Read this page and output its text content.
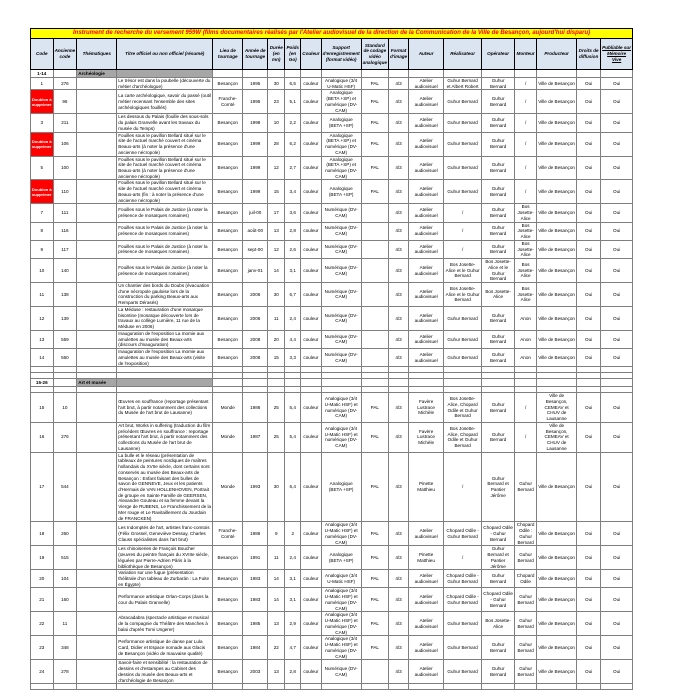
Instrument de recherche du versement 959W (films documentaires réalisés par l'Atelier audiovisuel de la direction de la Communication de la Ville de Besançon, aujourd'hui disparu)																		
Code	Ancienne code	Thématiques	Titre officiel ou non officiel (résumé)	Lieu de tournage	Année de tournage	Durée (en mn)	Poids (en Go)	Couleur	Support d'enregistrement (format vidéo)	Standard de codage vidéo analogique	Format d'image	Auteur	Réalisateur	Opérateur	Monteur	Producteur	Droits de diffusion	Publiable sur Mémoire Vive
1-14		Archéologie																
1	276		Le trésor est dans la poubelle (découverte du métier d'archéologue)	Besançon	1995	30	6,5	couleur	Analogique (3/4 U-Matic HSF)	PAL	4/3	Atelier audiovisuel	Guhur Bernard et Albert Robert	Guhur Bernard	/	Ville de Besançon	Oui	Oui
Doublon à supprimer	96		La carte archéologique, savoir du passé (outil métier recensant l'ensemble des sites archéologiques fouillés)	Franche-Comté	1995	23	5,1	couleur	Analogique (BETA +SP) et numérique (DV-CAM)	PAL	4/3	Atelier audiovisuel	Guhur Bernard	Guhur Bernard	/	Ville de Besançon	Oui	Oui
3	211		Les dessous du Palais (fouille des sous-sols du palais Granvelle avant les travaux du musée du Temps)	Besançon	1998	10	2,2	couleur	Analogique (BETA +SP)	PAL	4/3	Atelier audiovisuel	Guhur Bernard	Guhur Bernard	/	Ville de Besançon	Oui	Oui
Doublon à supprimer	106		Fouilles sous le pavillon Bellard situé sur le site de l'actuel marché couvert et cinéma Beaux-arts (à noter la présence d'une ancienne nécropole)	Besançon	1999	28	6,2	couleur	Analogique (BETA +SP) et numérique (DV-CAM)	PAL	4/3	Atelier audiovisuel	Guhur Bernard	Guhur Bernard	/	Ville de Besançon	Oui	Oui
5	100		Fouilles sous le pavillon Bellard situé sur le site de l'actuel marché couvert et cinéma Beaux-arts (à noter la présence d'une ancienne nécropole)	Besançon	1999	12	2,7	couleur	Analogique (BETA +SP) et numérique (DV-CAM)	PAL	4/3	Atelier audiovisuel	Guhur Bernard	Guhur Bernard	/	Ville de Besançon	Oui	Oui
Doublon à supprimer	110		Fouilles sous le pavillon Bellard situé sur le site de l'actuel marché couvert et cinéma Beaux-arts (fin : à noter la présence d'une ancienne nécropole)	Besançon	1999	15	3,4	couleur	Analogique (BETA +SP)	PAL	4/3	Atelier audiovisuel	Guhur Bernard	Guhur Bernard	/	Ville de Besançon	Oui	Oui
7	111		Fouilles sous le Palais de Justice (à noter la présence de mosaïques romaines)	Besançon	juil-00	17	3,6	couleur	Numérique (DV-CAM)		4/3	Atelier audiovisuel	/	Guhur Bernard	Bos Josette-Alice	Ville de Besançon	Oui	Oui
8	116		Fouilles sous le Palais de Justice (à noter la présence de mosaïques romaines)	Besançon	août-00	13	2,8	couleur	Numérique (DV-CAM)		4/3	Atelier audiovisuel	/	Guhur Bernard	Bos Josette-Alice	Ville de Besançon	Oui	Oui
9	117		Fouilles sous le Palais de Justice (à noter la présence de mosaïques romaines)	Besançon	sept-00	12	2,6	couleur	Numérique (DV-CAM)		4/3	Atelier audiovisuel	/	Guhur Bernard	Bos Josette-Alice	Ville de Besançon	Oui	Oui
10	140		Fouilles sous le Palais de Justice (à noter la présence de mosaïques romaines)	Besançon	janv-01	14	3,1	couleur	Numérique (DV-CAM)		4/3	Atelier audiovisuel	Bos Josette-Alice et le Guhur Bernard	Bos Josette-Alice et le Guhur Bernard	Bos Josette-Alice	Ville de Besançon	Oui	Oui
11	138		Un chantier des bords du Doubs (évacuation d'une nécropole gauloise lors de la construction du parking Beaux-arts aux Remparts Dérasés)	Besançon	2006	30	6,7	couleur	Numérique (DV-CAM)		4/3	Atelier audiovisuel	Bos Josette-Alice et le Guhur Bernard	Bos Josette-Alice	Bos Josette-Alice	Ville de Besançon	Oui	Oui
12	139		La Méduse : restauration d'une mosaïque bisontine (mosaïque découverte lors de travaux au collège Lumière, 11 rue de la Méduse en 2006)	Besançon	2006	11	2,4	couleur	Numérique (DV-CAM)		4/3	Atelier audiovisuel	Guhur Bernard	Guhur Bernard	Anon	Ville de Besançon	Oui	Oui
13	559		Inauguration de l'exposition La momie aux amulettes au musée des Beaux-arts (discours d'inauguration)	Besançon	2008	20	4,4	couleur	Numérique (DV-CAM)		4/3	Atelier audiovisuel	Guhur Bernard	Guhur Bernard	Anon	Ville de Besançon	Oui	Oui
14	560		Inauguration de l'exposition La momie aux amulettes au musée des Beaux-arts (visite de l'exposition)	Besançon	2008	15	3,3	couleur	Numérique (DV-CAM)		4/3	Atelier audiovisuel	Guhur Bernard	Guhur Bernard	Anon	Ville de Besançon	Oui	Oui

15-26		Art et musée																

15	10		Œuvres en souffrance (reportage présentant l'art brut, à partir notamment des collections du Musée de l'art brut de Lausanne)	Monde	1986	25	5,4	couleur	Analogique (3/4 U-Matic HSF) et numérique (DV-CAM)	PAL	4/3	Favère Lustrace Michèle	Bos Josette-Alice, Chopard Odile et Guhur Bernard	Guhur Bernard	/	Ville de Besançon, CEMEAV et CHUV de Lausanne	Oui	Oui
16	276		Art brut, Works in suffering (traduction du film précédent Œuvres en souffrance : reportage présentant l'art brut, à partir notamment des collections du Musée de l'art brut de Lausanne)	Monde	1987	25	5,4	couleur	Analogique (3/4 U-Matic HSF) et numérique (DV-CAM)	PAL	4/3	Favère Lustrace Michèle	Bos Josette-Alice, Chopard Odile et Guhur Bernard	Guhur Bernard	/	Ville de Besançon, CEMEAV et CHUV de Lausanne	Oui	Oui
17	544		La bulle et le réseau (présentation de tableaux de peintures nordiques de maîtres hollandais du XVIIe siècle, dont certains sont conservés au musée des Beaux-arts de Besançon : Enfant faisant des bulles de savon de GENNEVE, Jeux et les patients d'Hermais de VAN HOLLENHOVEN, Portrait de groupe en Sainte Famille de GEERSEN, Alexandre Gouteau et sa femme devant la Vierge de RUBENS, Le Franchissement de la Mer rouge et Le Ravitaillement du Jourdain de FRANCKEN)	Monde	1993	30	6,4	couleur	Analogique (BETA +SP)	PAL	4/3	Pinette Matthieu	/	Guhur Bernard et Pantier Jérôme	Guhur Bernard	Ville de Besançon	Oui	Oui
18	260		Les Indomptés de l'art, artistes franc-comtois (Félix Grossel, Geneviève Dessay, Charles Clauss spécialistes dans l'art brut)	Franche-Comté	1986	9	2	couleur	Analogique (3/4 U-Matic HSF) et numérique (DV-CAM)	PAL	4/3	Atelier audiovisuel	Chopard Odile - Guhur Bernard	Chopard Odile - Guhur Bernard	Chopard Odile : Guhur Bernard	Ville de Besançon	Oui	Oui
19	515		Les chinoiseries de François Boucher (œuvres du peintre français du XVIIIe siècle, léguées par Pierre-Adrien Pâris à la bibliothèque de Besançon)	Besançon	1991	11	2,4	couleur	Analogique (BETA +SP)	PAL	4/3	Pinette Matthieu	/	Guhur Bernard et Pantier Jérôme	Guhur Bernard	Ville de Besançon	Oui	Oui
20	104		Variation sur une fugue (présentation théâtrale d'un tableau de Zurbarán : La Fuite en Égypte)	Besançon	1983	14	3,1	couleur	Analogique (3/4 U-Matic HSF)	PAL	4/3	Atelier audiovisuel	Chopard Odile - Guhur Bernard	Guhur Bernard	Chopard Odile	Ville de Besançon	Oui	Oui
21	160		Performance artistique Orlan-Corps (dans la cour du Palais Granvelle)	Besançon	1983	14	3,1	couleur	Analogique (3/4 U-Matic HSF) et numérique (DV-CAM)	PAL	4/3	Atelier audiovisuel	Chopard Odile - Guhur Bernard	Chopard Odile - Guhur Bernard	Guhur Bernard	Ville de Besançon	Oui	Oui
22	11		Abracadabra (spectacle artistique et musical de la compagnie du Théâtre des Manches à balai d'après Tomi Ungerer)	Besançon	1985	13	2,9	couleur	Analogique (3/4 U-Matic HSF) et numérique (DV-CAM)	PAL	4/3	Atelier audiovisuel	Guhur Bernard	Bos Josette-Alice	Guhur Bernard	Ville de Besançon	Oui	Oui
23	348		Performance artistique de danse par Lula Card, Didier et Espace nomade aux Glacis de Besançon (vidéo de mauvaise qualité)	Besançon	1984	22	4,7	couleur	Analogique (3/4 U-Matic HSF) et numérique (DV-CAM)	PAL	4/3	Atelier audiovisuel	Guhur Bernard	Guhur Bernard	Guhur Bernard	Ville de Besançon	Oui	Oui
24	278		Savoir-faire et sensibilité : la restauration de dessins et d'estampes au Cabinet des dessins du musée des Beaux-arts et d'archéologie de Besançon	Besançon	2003	13	2,8	couleur	Numérique (DV-CAM)		4/3	Atelier audiovisuel	Guhur Bernard	Guhur Bernard	Guhur Bernard	Ville de Besançon	Oui	Oui
